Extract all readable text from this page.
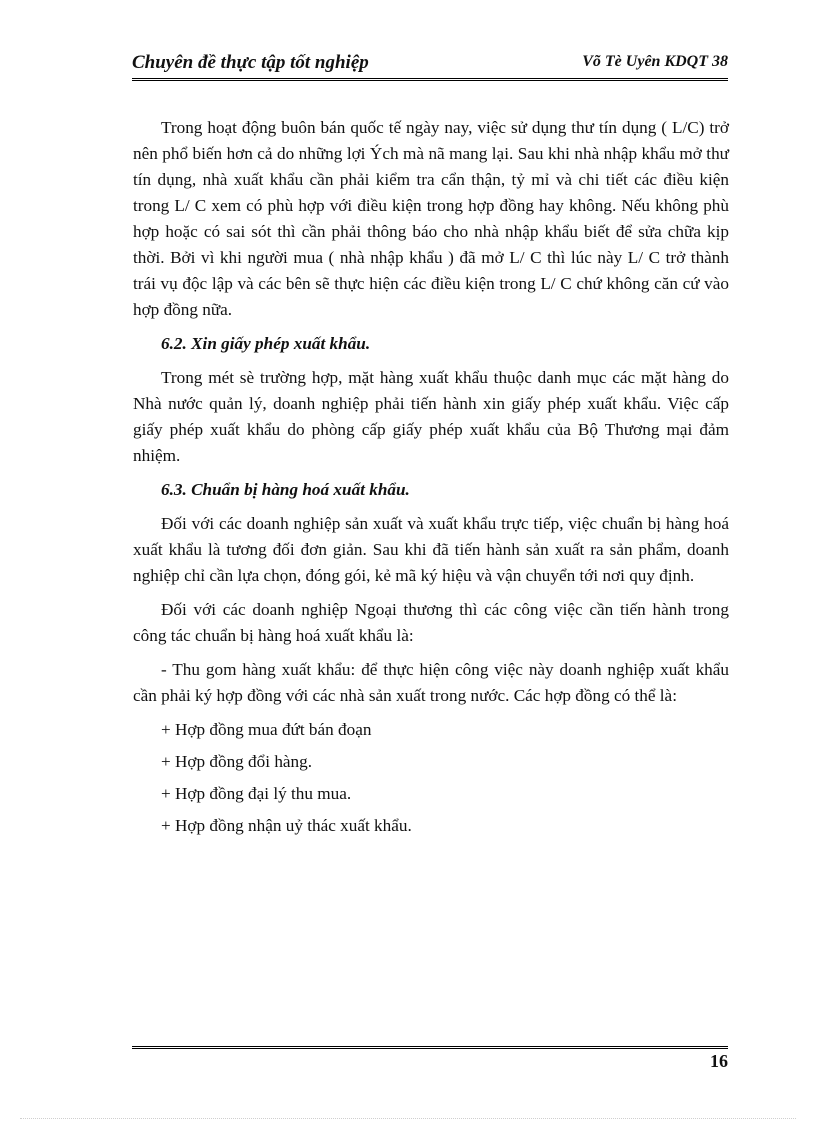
Chuyên đề thực tập tốt nghiệp	Võ Tè Uyên KDQT 38

Trong hoạt động buôn bán quốc tế ngày nay, việc sử dụng thư tín dụng ( L/C) trở nên phổ biến hơn cả do những lợi Ých mà nã mang lại. Sau khi nhà nhập khẩu mở thư tín dụng, nhà xuất khẩu cần phải kiểm tra cẩn thận, tỷ mỉ và chi tiết các điều kiện trong L/ C xem có phù hợp với điều kiện trong hợp đồng hay không. Nếu không phù hợp hoặc có sai sót thì cần phải thông báo cho nhà nhập khẩu biết để sửa chữa kịp thời. Bởi vì khi người mua ( nhà nhập khẩu ) đã mở L/ C thì lúc này L/ C trở thành trái vụ độc lập và các bên sẽ thực hiện các điều kiện trong L/ C chứ không căn cứ vào hợp đồng nữa.

6.2. Xin giấy phép xuất khẩu.

Trong mét sè trường hợp, mặt hàng xuất khẩu thuộc danh mục các mặt hàng do Nhà nước quản lý, doanh nghiệp phải tiến hành xin giấy phép xuất khẩu. Việc cấp giấy phép xuất khẩu do phòng cấp giấy phép xuất khẩu của Bộ Thương mại đảm nhiệm.

6.3. Chuẩn bị hàng hoá xuất khẩu.

Đối với các doanh nghiệp sản xuất và xuất khẩu trực tiếp, việc chuẩn bị hàng hoá xuất khẩu là tương đối đơn giản. Sau khi đã tiến hành sản xuất ra sản phẩm, doanh nghiệp chỉ cần lựa chọn, đóng gói, kẻ mã ký hiệu và vận chuyển tới nơi quy định.

Đối với các doanh nghiệp Ngoại thương thì các công việc cần tiến hành trong công tác chuẩn bị hàng hoá xuất khẩu là:

- Thu gom hàng xuất khẩu: để thực hiện công việc này doanh nghiệp xuất khẩu cần phải ký hợp đồng với các nhà sản xuất trong nước. Các hợp đồng có thể là:

+ Hợp đồng mua đứt bán đoạn

+ Hợp đồng đổi hàng.

+ Hợp đồng đại lý thu mua.

+ Hợp đồng nhận uỷ thác xuất khẩu.

16
